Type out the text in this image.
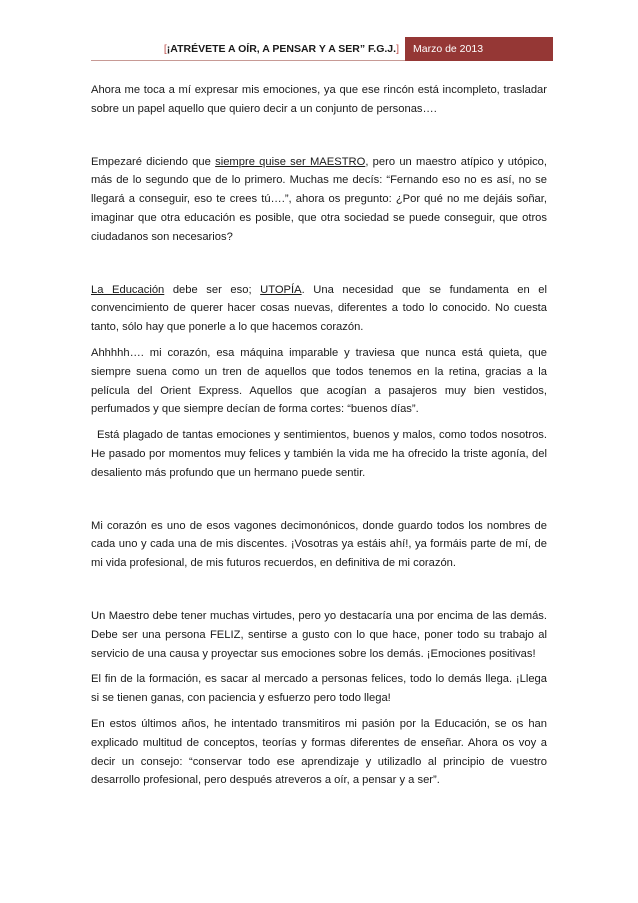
[ ¡ATRÉVETE A OÍR, A PENSAR Y A SER” F.G.J. ]	Marzo de 2013

Ahora me toca a mí expresar mis emociones, ya que ese rincón está incompleto, trasladar sobre un papel aquello que quiero decir a un conjunto de personas….

Empezaré diciendo que siempre quise ser MAESTRO, pero un maestro atípico y utópico, más de lo segundo que de lo primero. Muchas me decís: “Fernando eso no es así, no se llegará a conseguir, eso te crees tú….”, ahora os pregunto: ¿Por qué no me dejáis soñar, imaginar que otra educación es posible, que otra sociedad se puede conseguir, que otros ciudadanos son necesarios?

La Educación debe ser eso; UTOPÍA. Una necesidad que se fundamenta en el convencimiento de querer hacer cosas nuevas, diferentes a todo lo conocido. No cuesta tanto, sólo hay que ponerle a lo que hacemos corazón.

Ahhhhh…. mi corazón, esa máquina imparable y traviesa que nunca está quieta, que siempre suena como un tren de aquellos que todos tenemos en la retina, gracias a la película del Orient Express. Aquellos que acogían a pasajeros muy bien vestidos, perfumados y que siempre decían de forma cortes: “buenos días”.

Está plagado de tantas emociones y sentimientos, buenos y malos, como todos nosotros. He pasado por momentos muy felices y también la vida me ha ofrecido la triste agonía, del desaliento más profundo que un hermano puede sentir.

Mi corazón es uno de esos vagones decimonónicos, donde guardo todos los nombres de cada uno y cada una de mis discentes. ¡Vosotras ya estáis ahí!, ya formáis parte de mí, de mi vida profesional, de mis futuros recuerdos, en definitiva de mi corazón.

Un Maestro debe tener muchas virtudes, pero yo destacaría una por encima de las demás. Debe ser una persona FELIZ, sentirse a gusto con lo que hace, poner todo su trabajo al servicio de una causa y proyectar sus emociones sobre los demás. ¡Emociones positivas!

El fin de la formación, es sacar al mercado a personas felices, todo lo demás llega. ¡Llega si se tienen ganas, con paciencia y esfuerzo pero todo llega!

En estos últimos años, he intentado transmitiros mi pasión por la Educación, se os han explicado multitud de conceptos, teorías y formas diferentes de enseñar. Ahora os voy a decir un consejo: “conservar todo ese aprendizaje y utilizadlo al principio de vuestro desarrollo profesional, pero después atreveros a oír, a pensar y a ser”.
